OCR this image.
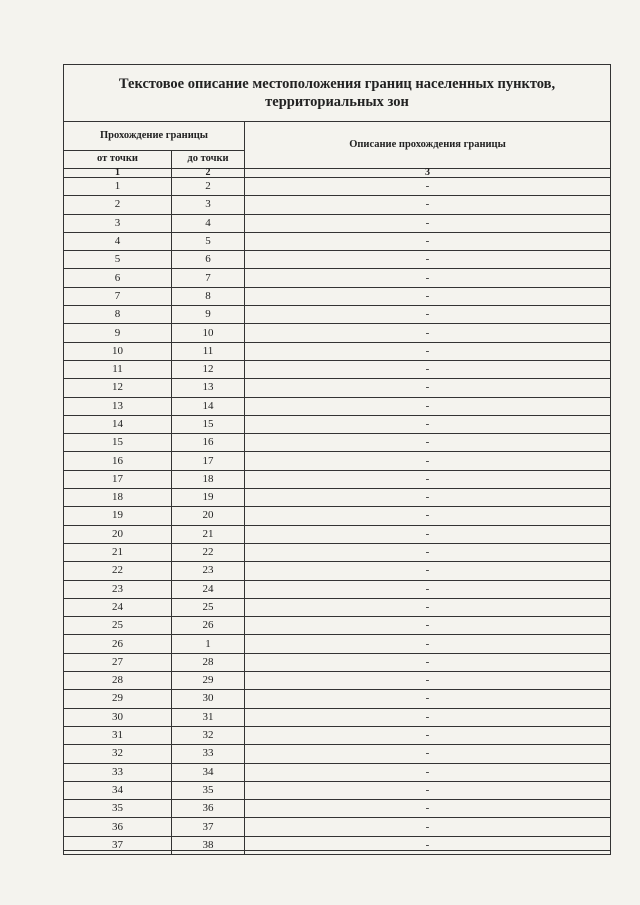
Текстовое описание местоположения границ населенных пунктов, территориальных зон		
Прохождение границы		Описание прохождения границы
от точки	до точки	
1	2	3
1	2	-
2	3	-
3	4	-
4	5	-
5	6	-
6	7	-
7	8	-
8	9	-
9	10	-
10	11	-
11	12	-
12	13	-
13	14	-
14	15	-
15	16	-
16	17	-
17	18	-
18	19	-
19	20	-
20	21	-
21	22	-
22	23	-
23	24	-
24	25	-
25	26	-
26	1	-
27	28	-
28	29	-
29	30	-
30	31	-
31	32	-
32	33	-
33	34	-
34	35	-
35	36	-
36	37	-
37	38	-
